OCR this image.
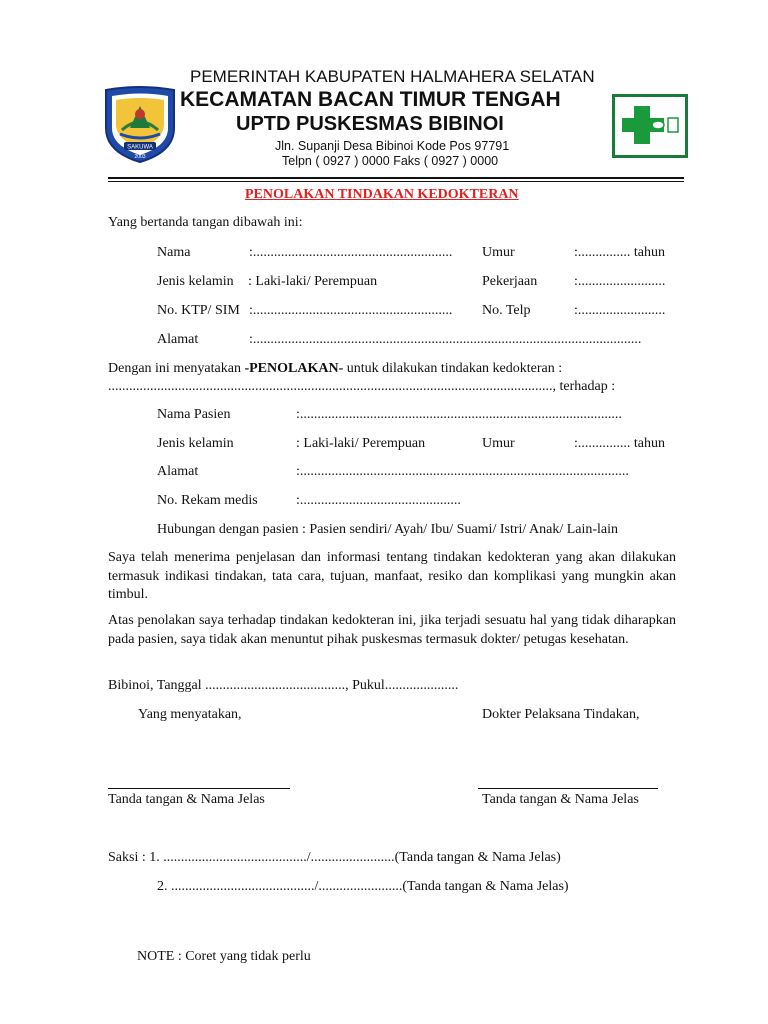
SAKUWA
2003
PEMERINTAH KABUPATEN HALMAHERA SELATAN
KECAMATAN BACAN TIMUR TENGAH
UPTD PUSKESMAS BIBINOI
Jln. Supanji Desa Bibinoi Kode Pos 97791
Telpn ( 0927 ) 0000 Faks ( 0927 ) 0000
PENOLAKAN TINDAKAN KEDOKTERAN
Yang bertanda tangan dibawah ini:
Nama	:......................................................... Umur	:............... tahun
Jenis kelamin : Laki-laki/ Perempuan	Pekerjaan	:.........................
No. KTP/ SIM :......................................................... No. Telp	:.........................
Alamat	:...............................................................................................................
Dengan ini menyatakan -PENOLAKAN- untuk dilakukan tindakan kedokteran :
..............................................................................................................................., terhadap :
Nama Pasien	:............................................................................................
Jenis kelamin	: Laki-laki/ Perempuan	Umur	:............... tahun
Alamat	:..............................................................................................
No. Rekam medis	:..............................................
Hubungan dengan pasien : Pasien sendiri/ Ayah/ Ibu/ Suami/ Istri/ Anak/ Lain-lain
Saya telah menerima penjelasan dan informasi tentang tindakan kedokteran yang akan dilakukan termasuk indikasi tindakan, tata cara, tujuan, manfaat, resiko dan komplikasi yang mungkin akan timbul.
Atas penolakan saya terhadap tindakan kedokteran ini, jika terjadi sesuatu hal yang tidak diharapkan pada pasien, saya tidak akan menuntut pihak puskesmas termasuk dokter/ petugas kesehatan.
Bibinoi, Tanggal ........................................, Pukul.....................
Yang menyatakan,	Dokter Pelaksana Tindakan,
Tanda tangan & Nama Jelas	Tanda tangan & Nama Jelas
Saksi : 1. ........................................./........................(Tanda tangan & Nama Jelas)
2. ........................................./........................(Tanda tangan & Nama Jelas)
NOTE : Coret yang tidak perlu
